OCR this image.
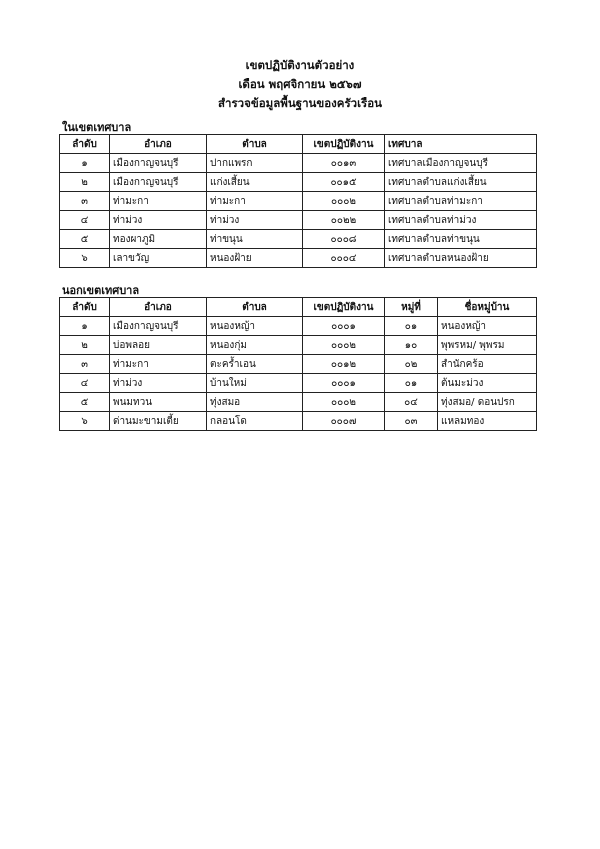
เขตปฏิบัติงานตัวอย่าง
เดือน พฤศจิกายน ๒๕๖๗
สำรวจข้อมูลพื้นฐานของครัวเรือน
ในเขตเทศบาล
ลำดับ	อำเภอ	ตำบล	เขตปฏิบัติงาน	เทศบาล
๑	เมืองกาญจนบุรี	ปากแพรก	๐๐๑๓	เทศบาลเมืองกาญจนบุรี
๒	เมืองกาญจนบุรี	แก่งเสี้ยน	๐๐๑๕	เทศบาลตำบลแก่งเสี้ยน
๓	ท่ามะกา	ท่ามะกา	๐๐๐๒	เทศบาลตำบลท่ามะกา
๔	ท่าม่วง	ท่าม่วง	๐๐๒๒	เทศบาลตำบลท่าม่วง
๕	ทองผาภูมิ	ท่าขนุน	๐๐๐๘	เทศบาลตำบลท่าขนุน
๖	เลาขวัญ	หนองฝ้าย	๐๐๐๔	เทศบาลตำบลหนองฝ้าย
นอกเขตเทศบาล
ลำดับ	อำเภอ	ตำบล	เขตปฏิบัติงาน	หมู่ที่	ชื่อหมู่บ้าน
๑	เมืองกาญจนบุรี	หนองหญ้า	๐๐๐๑	๐๑	หนองหญ้า
๒	บ่อพลอย	หนองกุ่ม	๐๐๐๒	๑๐	พุพรหม/ พุพรม
๓	ท่ามะกา	ตะคร้ำเอน	๐๐๑๒	๐๒	สำนักคร้อ
๔	ท่าม่วง	บ้านใหม่	๐๐๐๑	๐๑	ต้นมะม่วง
๕	พนมทวน	ทุ่งสมอ	๐๐๐๒	๐๔	ทุ่งสมอ/ ดอนปรก
๖	ด่านมะขามเตี้ย	กลอนโด	๐๐๐๗	๐๓	แหลมทอง
